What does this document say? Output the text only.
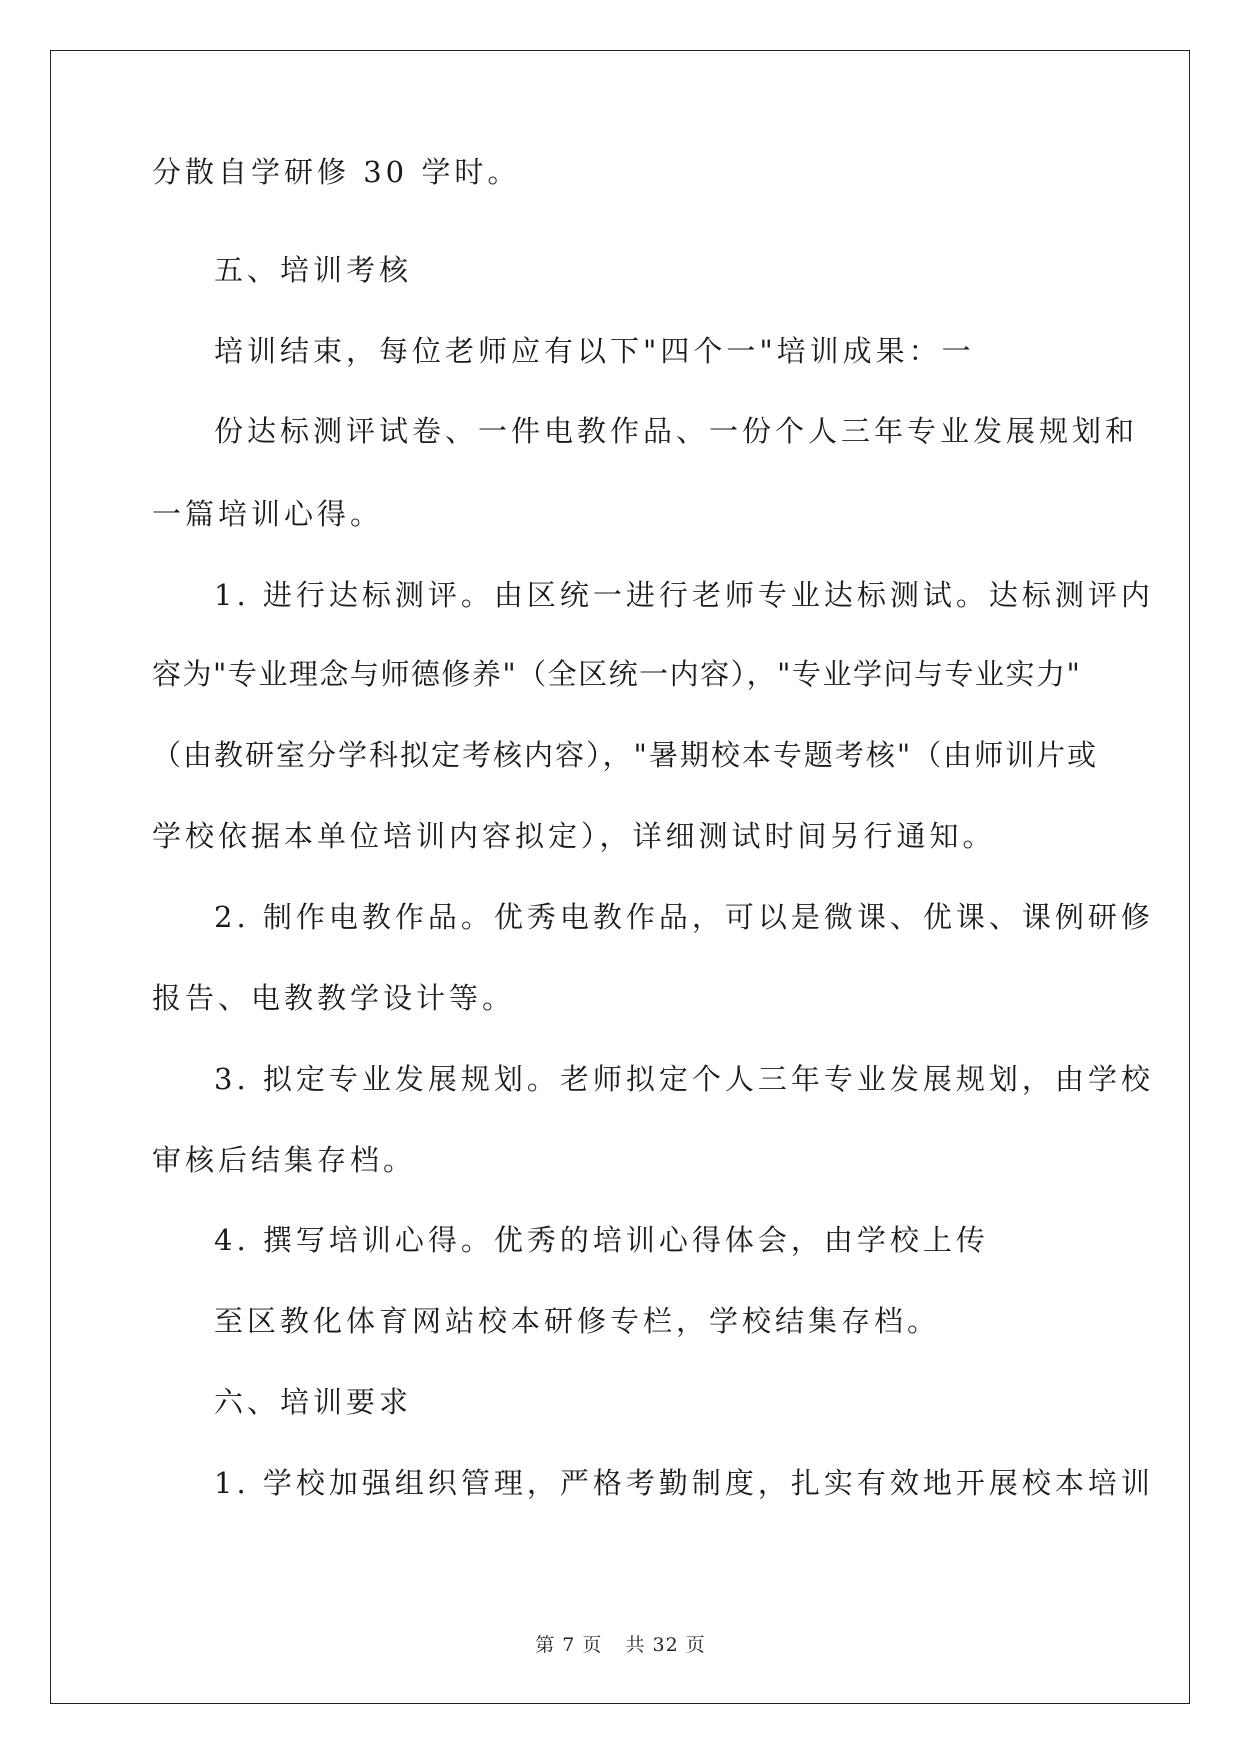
分散自学研修 30 学时。
五、培训考核
培训结束，每位老师应有以下"四个一"培训成果：一
份达标测评试卷、一件电教作品、一份个人三年专业发展规划和
一篇培训心得。
1. 进行达标测评。由区统一进行老师专业达标测试。达标测评内
容为"专业理念与师德修养"（全区统一内容），"专业学问与专业实力"
（由教研室分学科拟定考核内容），"暑期校本专题考核"（由师训片或
学校依据本单位培训内容拟定），详细测试时间另行通知。
2. 制作电教作品。优秀电教作品，可以是微课、优课、课例研修
报告、电教教学设计等。
3. 拟定专业发展规划。老师拟定个人三年专业发展规划，由学校
审核后结集存档。
4. 撰写培训心得。优秀的培训心得体会，由学校上传
至区教化体育网站校本研修专栏，学校结集存档。
六、培训要求
1. 学校加强组织管理，严格考勤制度，扎实有效地开展校本培训
第 7 页 共 32 页
